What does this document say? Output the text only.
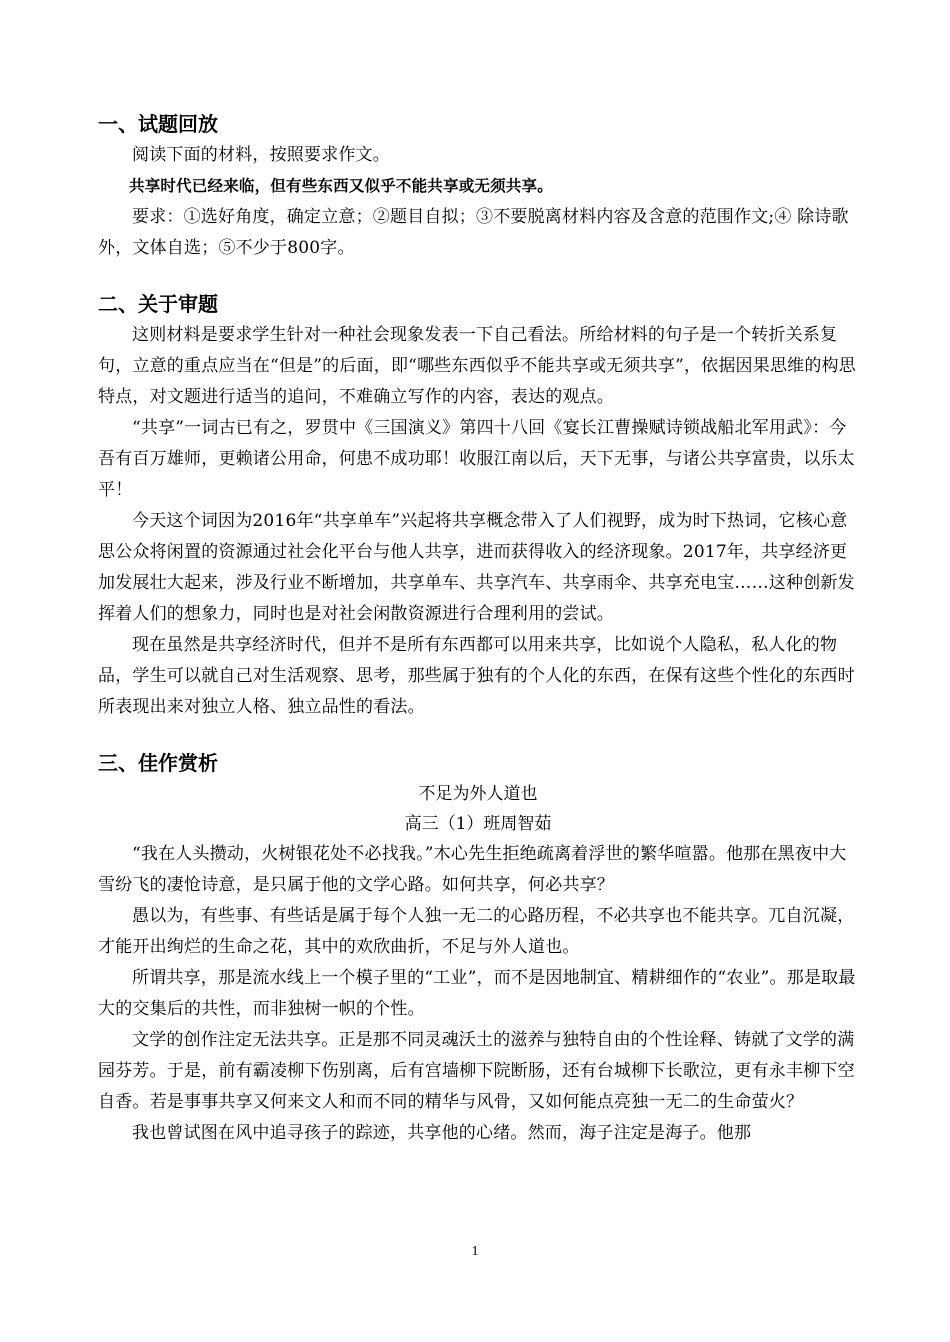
一、试题回放

阅读下面的材料，按照要求作文。

共享时代已经来临，但有些东西又似乎不能共享或无须共享。

要求：①选好角度，确定立意；②题目自拟；③不要脱离材料内容及含意的范围作文;④ 除诗歌外，文体自选；⑤不少于800字。

二、关于审题

这则材料是要求学生针对一种社会现象发表一下自己看法。所给材料的句子是一个转折关系复句，立意的重点应当在“但是”的后面，即“哪些东西似乎不能共享或无须共享”，依据因果思维的构思特点，对文题进行适当的追问，不难确立写作的内容，表达的观点。

“共享”一词古已有之，罗贯中《三国演义》第四十八回《宴长江曹操赋诗锁战船北军用武》：今吾有百万雄师，更赖诸公用命，何患不成功耶！收服江南以后，天下无事，与诸公共享富贵，以乐太平！

今天这个词因为2016年“共享单车”兴起将共享概念带入了人们视野，成为时下热词，它核心意思公众将闲置的资源通过社会化平台与他人共享，进而获得收入的经济现象。2017年，共享经济更加发展壮大起来，涉及行业不断增加，共享单车、共享汽车、共享雨伞、共享充电宝……这种创新发挥着人们的想象力，同时也是对社会闲散资源进行合理利用的尝试。

现在虽然是共享经济时代，但并不是所有东西都可以用来共享，比如说个人隐私，私人化的物品，学生可以就自己对生活观察、思考，那些属于独有的个人化的东西，在保有这些个性化的东西时所表现出来对独立人格、独立品性的看法。

三、佳作赏析

不足为外人道也

高三（1）班周智茹

“我在人头攒动，火树银花处不必找我。”木心先生拒绝疏离着浮世的繁华喧嚣。他那在黑夜中大雪纷飞的凄怆诗意，是只属于他的文学心路。如何共享，何必共享？

愚以为，有些事、有些话是属于每个人独一无二的心路历程，不必共享也不能共享。兀自沉凝，才能开出绚烂的生命之花，其中的欢欣曲折，不足与外人道也。

所谓共享，那是流水线上一个模子里的“工业”，而不是因地制宜、精耕细作的“农业”。那是取最大的交集后的共性，而非独树一帜的个性。

文学的创作注定无法共享。正是那不同灵魂沃土的滋养与独特自由的个性诠释、铸就了文学的满园芬芳。于是，前有霸凌柳下伤别离，后有宫墙柳下院断肠，还有台城柳下长歌泣，更有永丰柳下空自香。若是事事共享又何来文人和而不同的精华与风骨，又如何能点亮独一无二的生命萤火？

我也曾试图在风中追寻孩子的踪迹，共享他的心绪。然而，海子注定是海子。他那

1
